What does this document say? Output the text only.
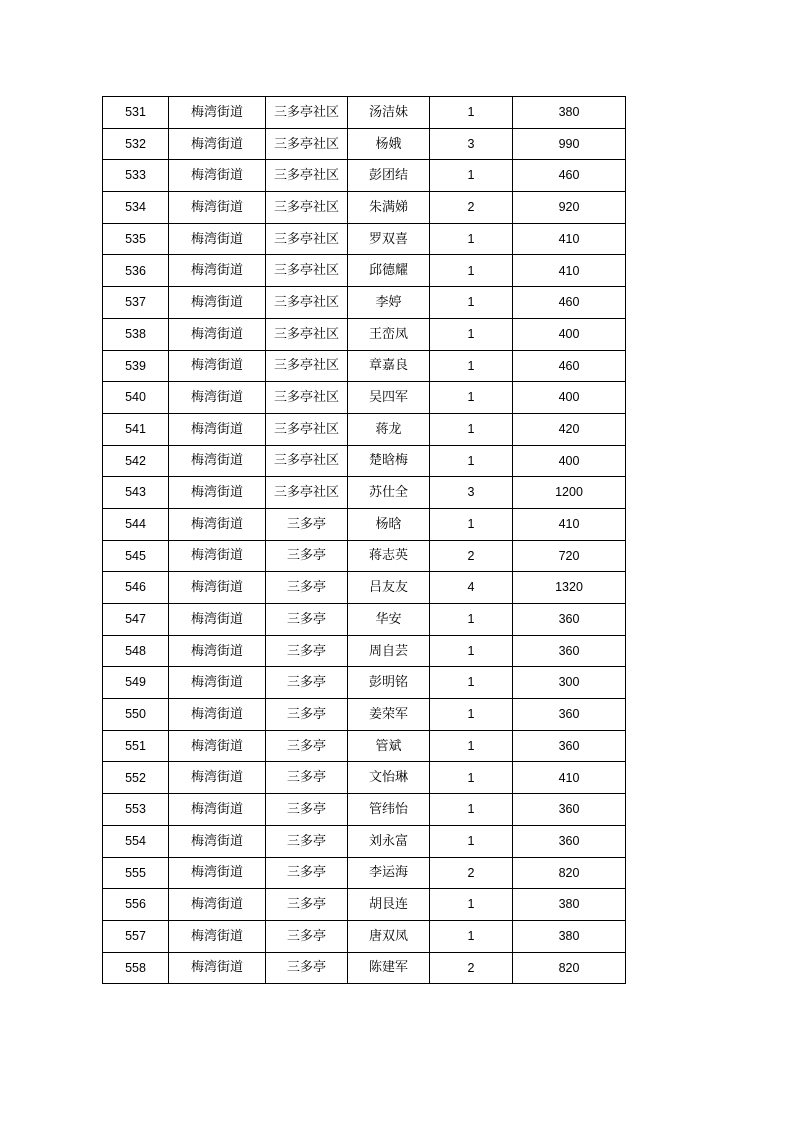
531	梅湾街道	三多亭社区	汤洁妹	1	380
532	梅湾街道	三多亭社区	杨娥	3	990
533	梅湾街道	三多亭社区	彭团结	1	460
534	梅湾街道	三多亭社区	朱满娣	2	920
535	梅湾街道	三多亭社区	罗双喜	1	410
536	梅湾街道	三多亭社区	邱德耀	1	410
537	梅湾街道	三多亭社区	李婷	1	460
538	梅湾街道	三多亭社区	王峦凤	1	400
539	梅湾街道	三多亭社区	章嘉良	1	460
540	梅湾街道	三多亭社区	吴四军	1	400
541	梅湾街道	三多亭社区	蒋龙	1	420
542	梅湾街道	三多亭社区	楚晗梅	1	400
543	梅湾街道	三多亭社区	苏仕全	3	1200
544	梅湾街道	三多亭	杨晗	1	410
545	梅湾街道	三多亭	蒋志英	2	720
546	梅湾街道	三多亭	吕友友	4	1320
547	梅湾街道	三多亭	华安	1	360
548	梅湾街道	三多亭	周自芸	1	360
549	梅湾街道	三多亭	彭明铭	1	300
550	梅湾街道	三多亭	姜荣军	1	360
551	梅湾街道	三多亭	管斌	1	360
552	梅湾街道	三多亭	文怡琳	1	410
553	梅湾街道	三多亭	管纬怡	1	360
554	梅湾街道	三多亭	刘永富	1	360
555	梅湾街道	三多亭	李运海	2	820
556	梅湾街道	三多亭	胡艮连	1	380
557	梅湾街道	三多亭	唐双凤	1	380
558	梅湾街道	三多亭	陈建军	2	820
